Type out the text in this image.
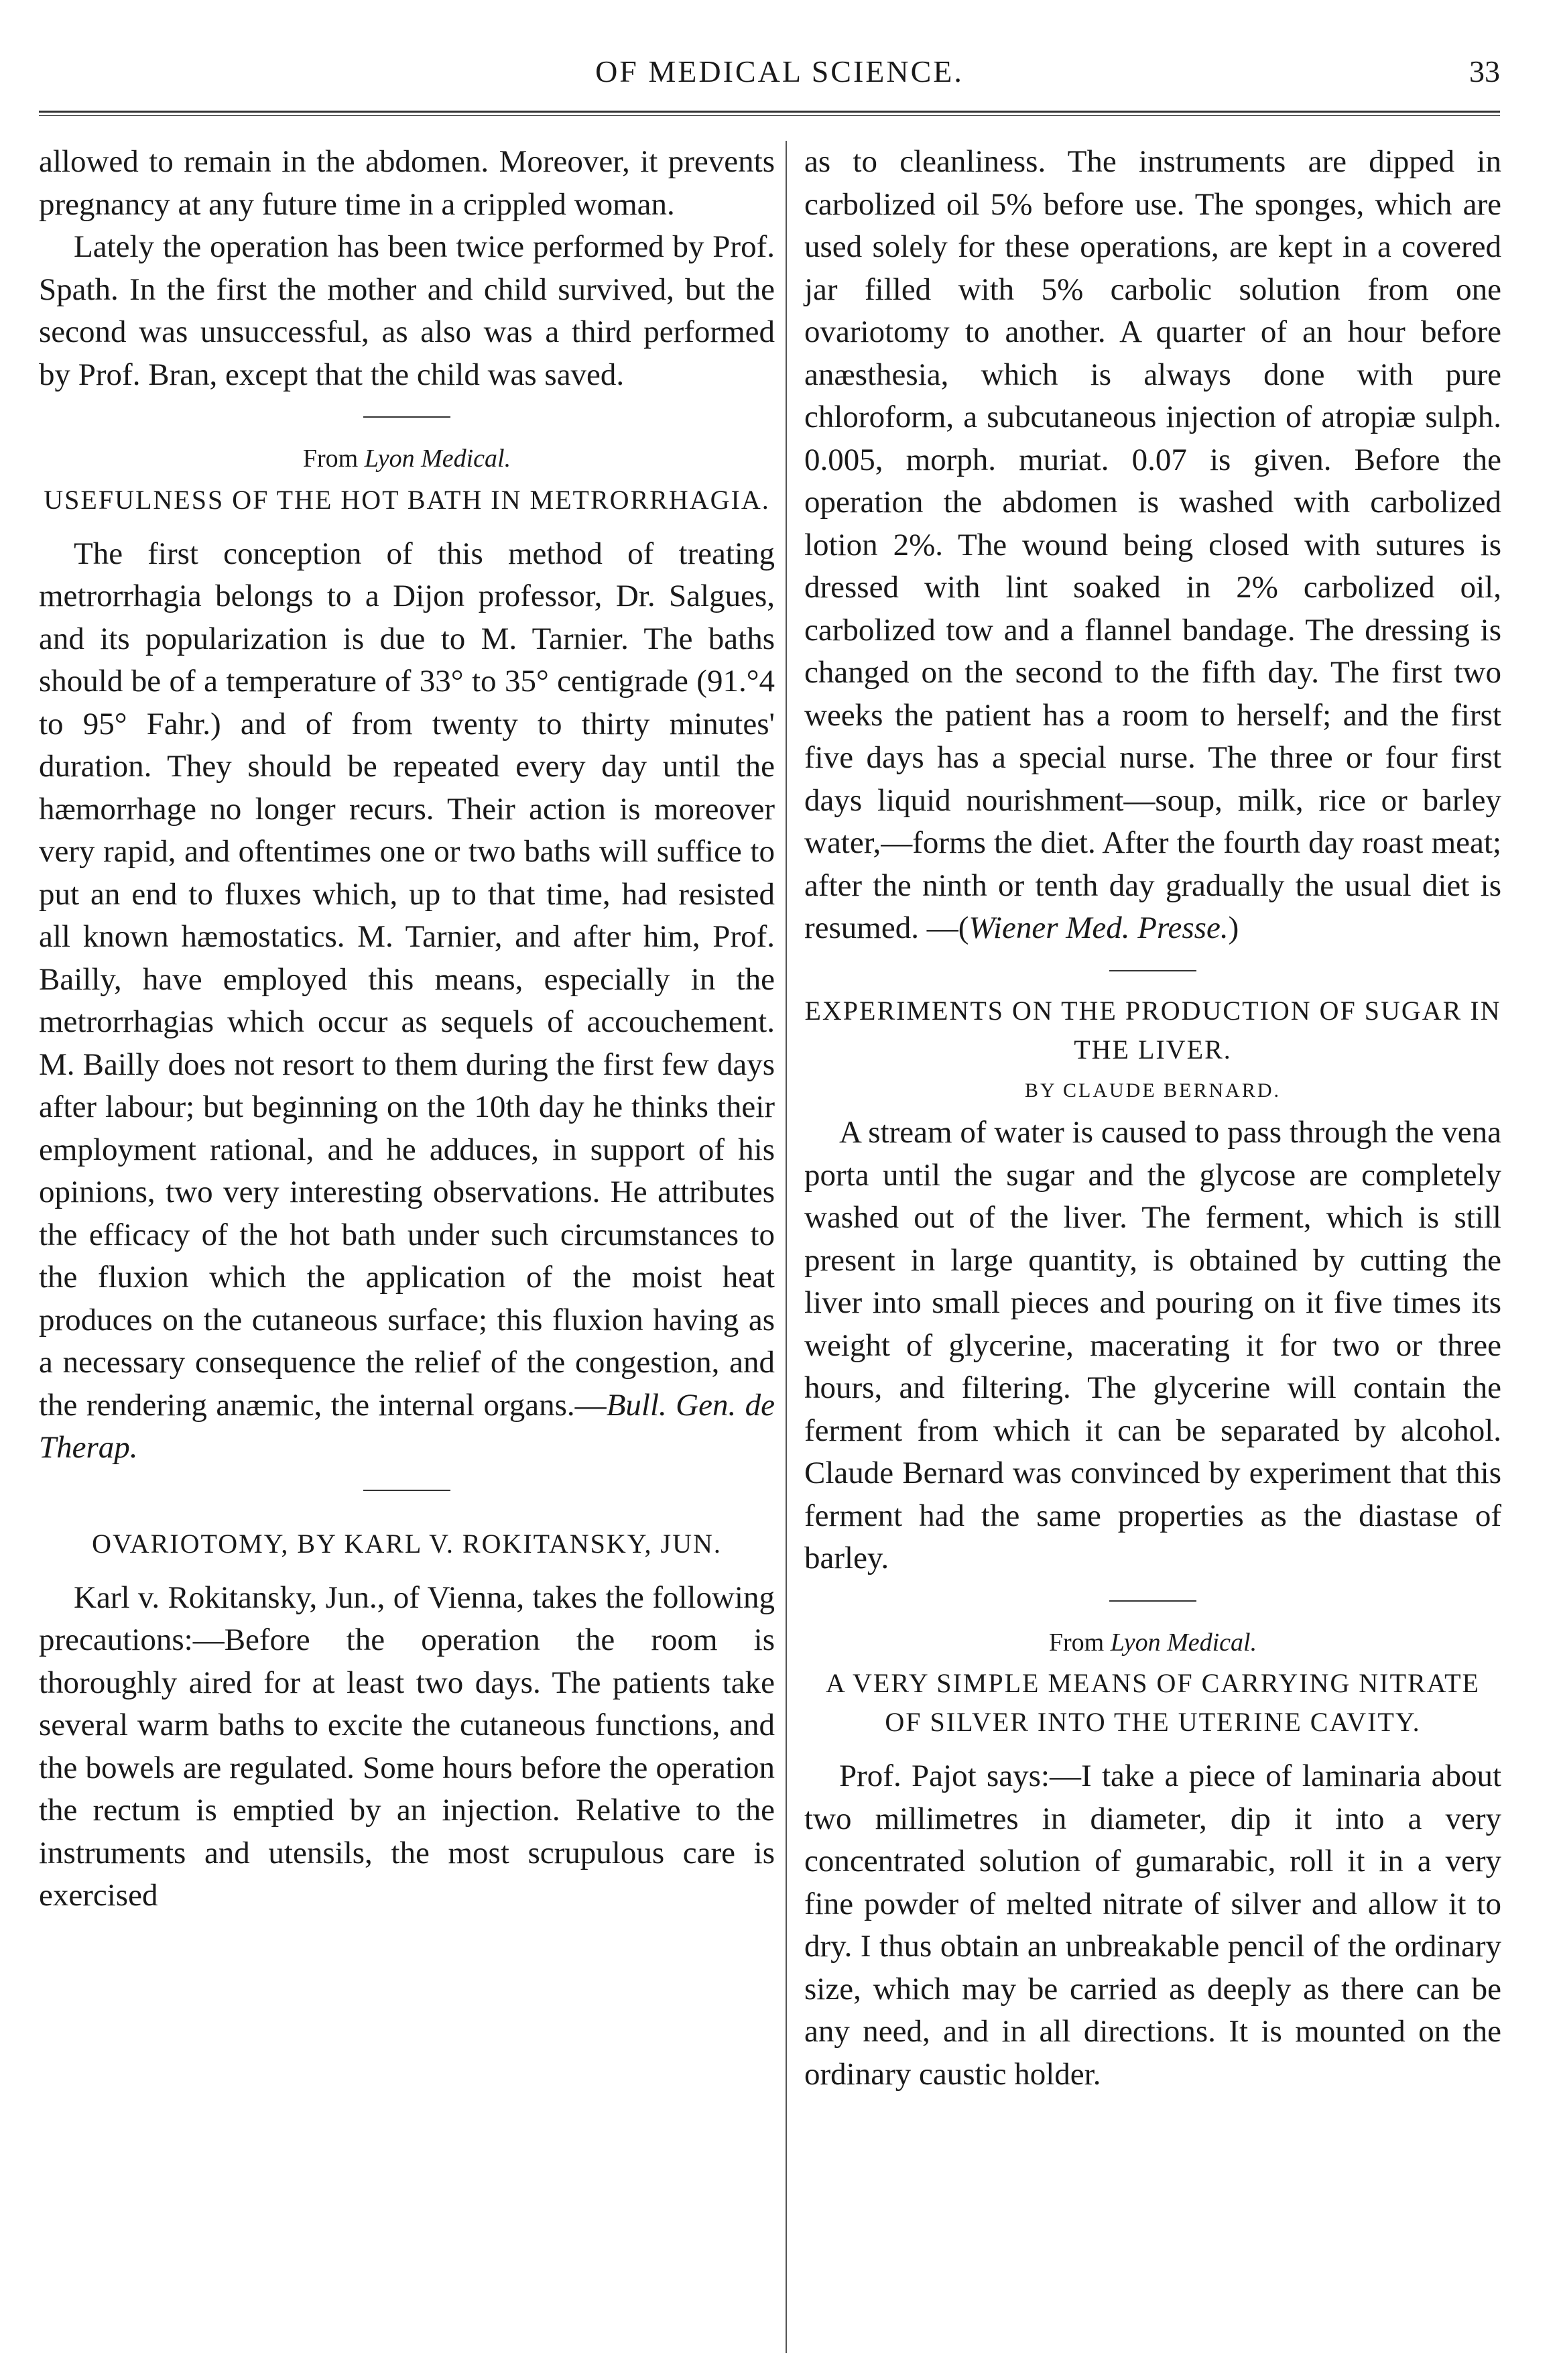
OF MEDICAL SCIENCE.	33

allowed to remain in the abdomen. Moreover, it prevents pregnancy at any future time in a crippled woman.

Lately the operation has been twice performed by Prof. Spath. In the first the mother and child survived, but the second was unsuccessful, as also was a third performed by Prof. Bran, except that the child was saved.

From Lyon Medical.

USEFULNESS OF THE HOT BATH IN METRORRHAGIA.

The first conception of this method of treating metrorrhagia belongs to a Dijon professor, Dr. Salgues, and its popularization is due to M. Tarnier. The baths should be of a temperature of 33° to 35° centigrade (91.°4 to 95° Fahr.) and of from twenty to thirty minutes' duration. They should be repeated every day until the hæmorrhage no longer recurs. Their action is moreover very rapid, and oftentimes one or two baths will suffice to put an end to fluxes which, up to that time, had resisted all known hæmostatics. M. Tarnier, and after him, Prof. Bailly, have employed this means, especially in the metrorrhagias which occur as sequels of accouchement. M. Bailly does not resort to them during the first few days after labour; but beginning on the 10th day he thinks their employment rational, and he adduces, in support of his opinions, two very interesting observations. He attributes the efficacy of the hot bath under such circumstances to the fluxion which the application of the moist heat produces on the cutaneous surface; this fluxion having as a necessary consequence the relief of the congestion, and the rendering anæmic, the internal organs.—Bull. Gen. de Therap.

OVARIOTOMY, BY KARL V. ROKITANSKY, JUN.

Karl v. Rokitansky, Jun., of Vienna, takes the following precautions:—Before the operation the room is thoroughly aired for at least two days. The patients take several warm baths to excite the cutaneous functions, and the bowels are regulated. Some hours before the operation the rectum is emptied by an injection. Relative to the instruments and utensils, the most scrupulous care is exercised

as to cleanliness. The instruments are dipped in carbolized oil 5% before use. The sponges, which are used solely for these operations, are kept in a covered jar filled with 5% carbolic solution from one ovariotomy to another. A quarter of an hour before anæsthesia, which is always done with pure chloroform, a subcutaneous injection of atropiæ sulph. 0.005, morph. muriat. 0.07 is given. Before the operation the abdomen is washed with carbolized lotion 2%. The wound being closed with sutures is dressed with lint soaked in 2% carbolized oil, carbolized tow and a flannel bandage. The dressing is changed on the second to the fifth day. The first two weeks the patient has a room to herself; and the first five days has a special nurse. The three or four first days liquid nourishment—soup, milk, rice or barley water,—forms the diet. After the fourth day roast meat; after the ninth or tenth day gradually the usual diet is resumed. —(Wiener Med. Presse.)

EXPERIMENTS ON THE PRODUCTION OF SUGAR IN THE LIVER.

BY CLAUDE BERNARD.

A stream of water is caused to pass through the vena porta until the sugar and the glycose are completely washed out of the liver. The ferment, which is still present in large quantity, is obtained by cutting the liver into small pieces and pouring on it five times its weight of glycerine, macerating it for two or three hours, and filtering. The glycerine will contain the ferment from which it can be separated by alcohol. Claude Bernard was convinced by experiment that this ferment had the same properties as the diastase of barley.

From Lyon Medical.

A VERY SIMPLE MEANS OF CARRYING NITRATE OF SILVER INTO THE UTERINE CAVITY.

Prof. Pajot says:—I take a piece of laminaria about two millimetres in diameter, dip it into a very concentrated solution of gumarabic, roll it in a very fine powder of melted nitrate of silver and allow it to dry. I thus obtain an unbreakable pencil of the ordinary size, which may be carried as deeply as there can be any need, and in all directions. It is mounted on the ordinary caustic holder.
